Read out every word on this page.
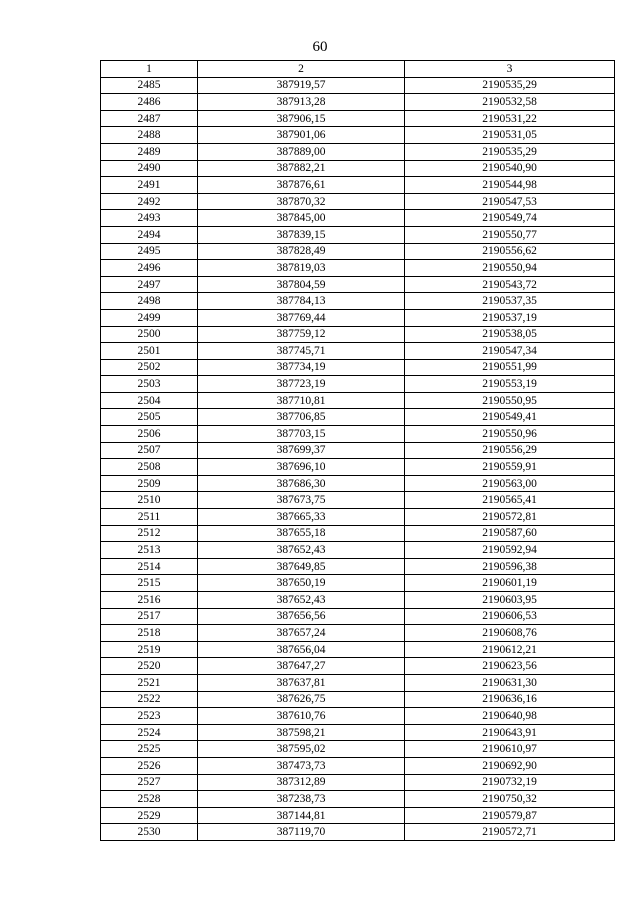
60
1	2	3
2485	387919,57	2190535,29
2486	387913,28	2190532,58
2487	387906,15	2190531,22
2488	387901,06	2190531,05
2489	387889,00	2190535,29
2490	387882,21	2190540,90
2491	387876,61	2190544,98
2492	387870,32	2190547,53
2493	387845,00	2190549,74
2494	387839,15	2190550,77
2495	387828,49	2190556,62
2496	387819,03	2190550,94
2497	387804,59	2190543,72
2498	387784,13	2190537,35
2499	387769,44	2190537,19
2500	387759,12	2190538,05
2501	387745,71	2190547,34
2502	387734,19	2190551,99
2503	387723,19	2190553,19
2504	387710,81	2190550,95
2505	387706,85	2190549,41
2506	387703,15	2190550,96
2507	387699,37	2190556,29
2508	387696,10	2190559,91
2509	387686,30	2190563,00
2510	387673,75	2190565,41
2511	387665,33	2190572,81
2512	387655,18	2190587,60
2513	387652,43	2190592,94
2514	387649,85	2190596,38
2515	387650,19	2190601,19
2516	387652,43	2190603,95
2517	387656,56	2190606,53
2518	387657,24	2190608,76
2519	387656,04	2190612,21
2520	387647,27	2190623,56
2521	387637,81	2190631,30
2522	387626,75	2190636,16
2523	387610,76	2190640,98
2524	387598,21	2190643,91
2525	387595,02	2190610,97
2526	387473,73	2190692,90
2527	387312,89	2190732,19
2528	387238,73	2190750,32
2529	387144,81	2190579,87
2530	387119,70	2190572,71
